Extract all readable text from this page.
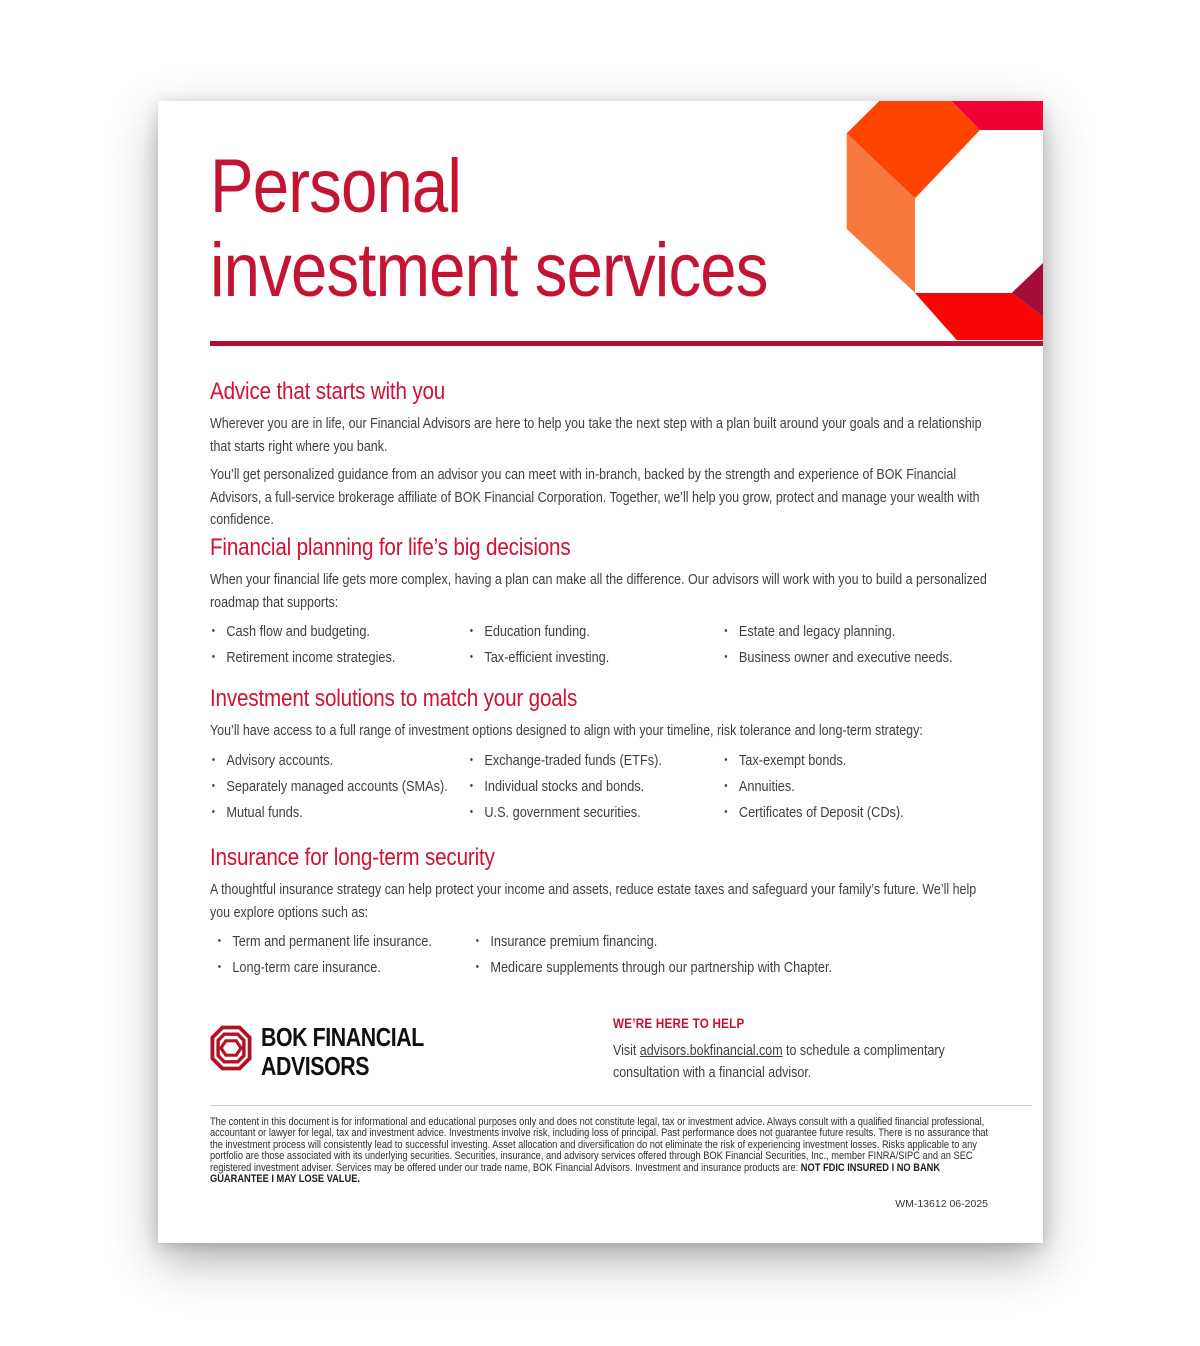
Personal
investment services
Advice that starts with you

Wherever you are in life, our Financial Advisors are here to help you take the next step with a plan built around your goals and a relationship that starts right where you bank.

You’ll get personalized guidance from an advisor you can meet with in-branch, backed by the strength and experience of BOK Financial Advisors, a full-service brokerage affiliate of BOK Financial Corporation. Together, we’ll help you grow, protect and manage your wealth with confidence.

Financial planning for life’s big decisions

When your financial life gets more complex, having a plan can make all the difference. Our advisors will work with you to build a personalized roadmap that supports:

• Cash flow and budgeting.
• Retirement income strategies.
• Education funding.
• Tax-efficient investing.
• Estate and legacy planning.
• Business owner and executive needs.
Investment solutions to match your goals

You’ll have access to a full range of investment options designed to align with your timeline, risk tolerance and long-term strategy:

• Advisory accounts.
• Separately managed accounts (SMAs).
• Mutual funds.
• Exchange-traded funds (ETFs).
• Individual stocks and bonds.
• U.S. government securities.
• Tax-exempt bonds.
• Annuities.
• Certificates of Deposit (CDs).
Insurance for long-term security

A thoughtful insurance strategy can help protect your income and assets, reduce estate taxes and safeguard your family’s future. We’ll help you explore options such as:

• Term and permanent life insurance.
• Long-term care insurance.
• Insurance premium financing.
• Medicare supplements through our partnership with Chapter.
BOK FINANCIAL
ADVISORS

WE’RE HERE TO HELP

Visit advisors.bokfinancial.com to schedule a complimentary consultation with a financial advisor.

The content in this document is for informational and educational purposes only and does not constitute legal, tax or investment advice. Always consult with a qualified financial professional, accountant or lawyer for legal, tax and investment advice. Investments involve risk, including loss of principal. Past performance does not guarantee future results. There is no assurance that the investment process will consistently lead to successful investing. Asset allocation and diversification do not eliminate the risk of experiencing investment losses. Risks applicable to any portfolio are those associated with its underlying securities. Securities, insurance, and advisory services offered through BOK Financial Securities, Inc., member FINRA/SIPC and an SEC registered investment adviser. Services may be offered under our trade name, BOK Financial Advisors. Investment and insurance products are: NOT FDIC INSURED I NO BANK GUARANTEE I MAY LOSE VALUE.

WM-13612 06-2025
